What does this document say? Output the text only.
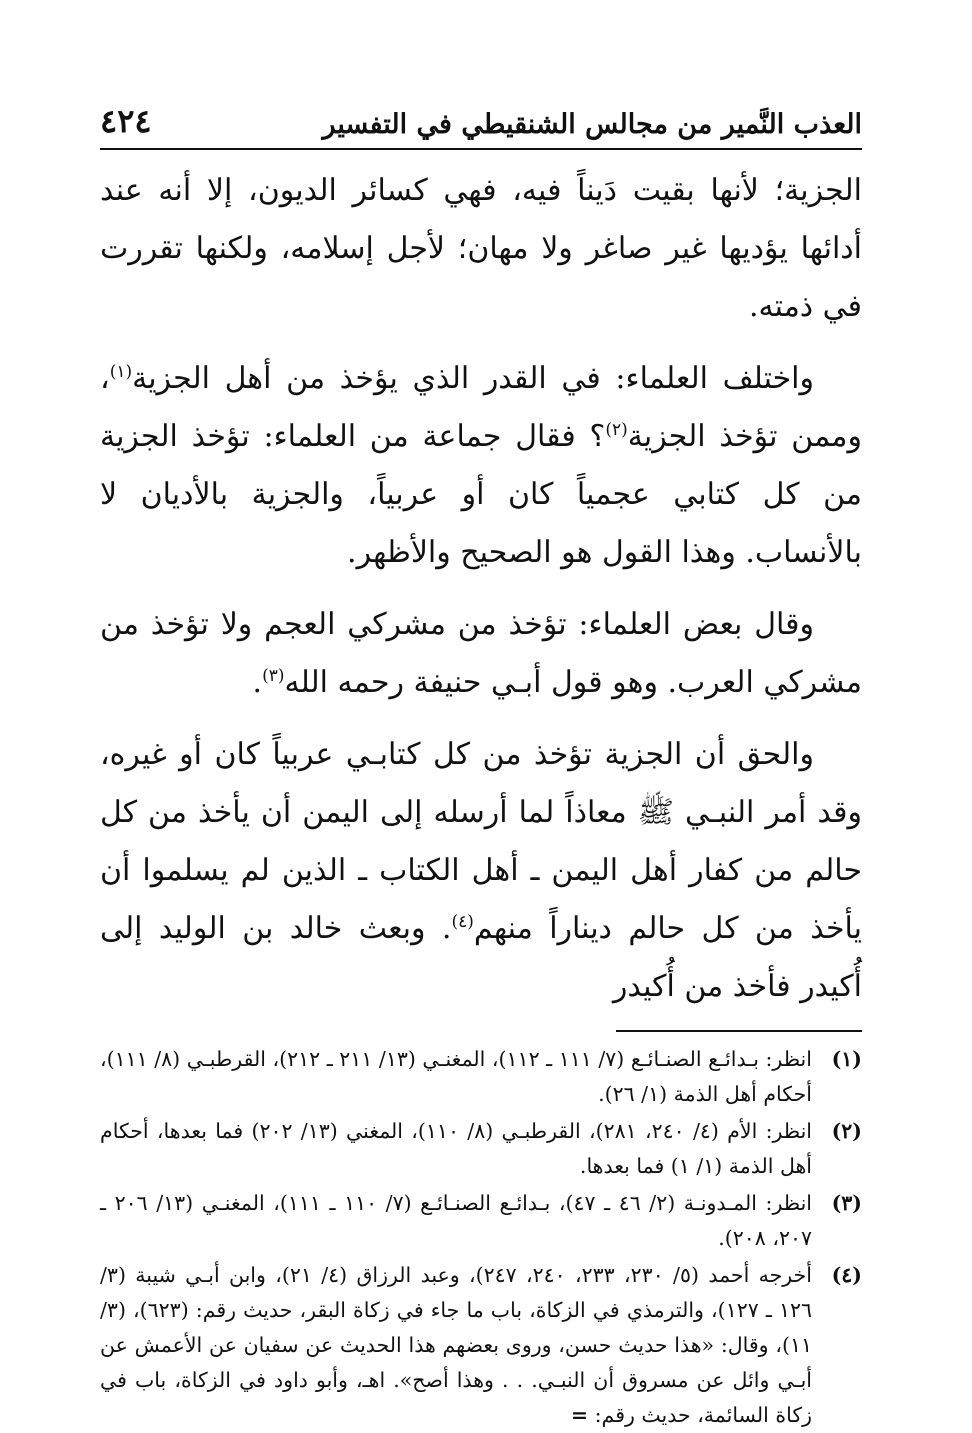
٤٢٤	العذب النَّمير من مجالس الشنقيطي في التفسير

الجزية؛ لأنها بقيت دَيناً فيه، فهي كسائر الديون، إلا أنه عند أدائها يؤديها غير صاغر ولا مهان؛ لأجل إسلامه، ولكنها تقررت في ذمته.

واختلف العلماء: في القدر الذي يؤخذ من أهل الجزية$^{(١)}$، وممن تؤخذ الجزية$^{(٢)}$؟ فقال جماعة من العلماء: تؤخذ الجزية من كل كتابي عجمياً كان أو عربياً، والجزية بالأديان لا بالأنساب. وهذا القول هو الصحيح والأظهر.

وقال بعض العلماء: تؤخذ من مشركي العجم ولا تؤخذ من مشركي العرب. وهو قول أبـي حنيفة رحمه الله$^{(٣)}$.

والحق أن الجزية تؤخذ من كل كتابـي عربياً كان أو غيره، وقد أمر النبـي ﷺ معاذاً لما أرسله إلى اليمن أن يأخذ من كل حالم من كفار أهل اليمن ـ أهل الكتاب ـ الذين لم يسلموا أن يأخذ من كل حالم ديناراً منهم$^{(٤)}$. وبعث خالد بن الوليد إلى أُكيدر فأخذ من أُكيدر

(١)
انظر: بـدائـع الصنـائـع (٧/ ١١١ ـ ١١٢)، المغنـي (١٣/ ٢١١ ـ ٢١٢)، القرطبـي (٨/ ١١١)، أحكام أهل الذمة (١/ ٢٦).
(٢)
انظر: الأم (٤/ ٢٤٠، ٢٨١)، القرطبـي (٨/ ١١٠)، المغني (١٣/ ٢٠٢) فما بعدها، أحكام أهل الذمة (١/ ١) فما بعدها.
(٣)
انظر: المـدونـة (٢/ ٤٦ ـ ٤٧)، بـدائـع الصنـائـع (٧/ ١١٠ ـ ١١١)، المغنـي (١٣/ ٢٠٦ ـ ٢٠٧، ٢٠٨).
(٤)
أخرجه أحمد (٥/ ٢٣٠، ٢٣٣، ٢٤٠، ٢٤٧)، وعبد الرزاق (٤/ ٢١)، وابن أبـي شيبة (٣/ ١٢٦ ـ ١٢٧)، والترمذي في الزكاة، باب ما جاء في زكاة البقر، حديث رقم: (٦٢٣)، (٣/ ١١)، وقال: «هذا حديث حسن، وروى بعضهم هذا الحديث عن سفيان عن الأعمش عن أبـي وائل عن مسروق أن النبـي. . . وهذا أصح». اهـ، وأبو داود في الزكاة، باب في زكاة السائمة، حديث رقم: =
